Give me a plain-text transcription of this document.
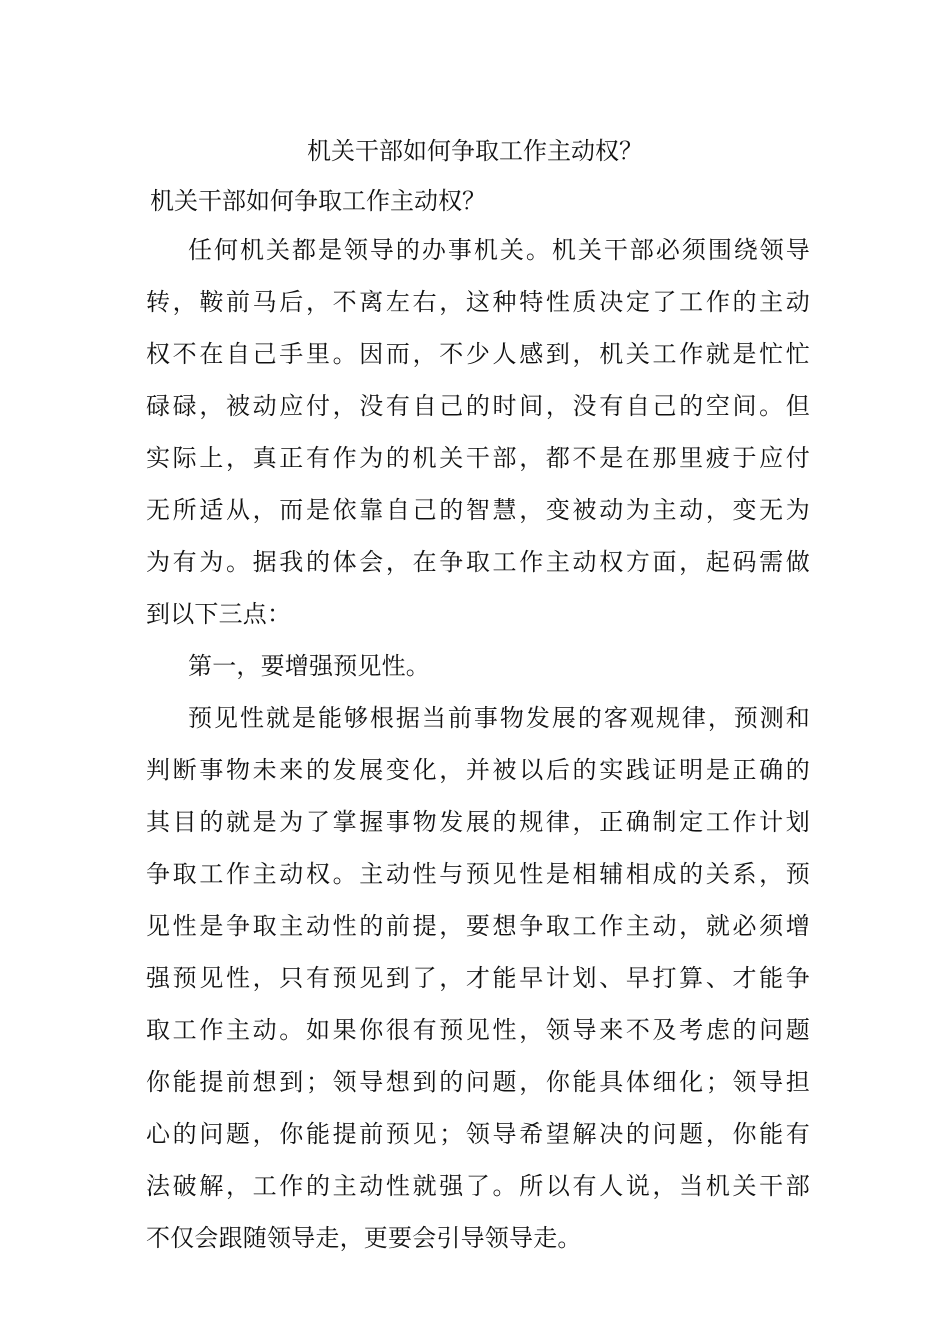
机关干部如何争取工作主动权？
机关干部如何争取工作主动权？
任何机关都是领导的办事机关。机关干部必须围绕领导
转，鞍前马后，不离左右，这种特性质决定了工作的主动
权不在自己手里。因而，不少人感到，机关工作就是忙忙
碌碌，被动应付，没有自己的时间，没有自己的空间。但
实际上，真正有作为的机关干部，都不是在那里疲于应付
无所适从，而是依靠自己的智慧，变被动为主动，变无为
为有为。据我的体会，在争取工作主动权方面，起码需做
到以下三点：
第一，要增强预见性。
预见性就是能够根据当前事物发展的客观规律，预测和
判断事物未来的发展变化，并被以后的实践证明是正确的
其目的就是为了掌握事物发展的规律，正确制定工作计划
争取工作主动权。主动性与预见性是相辅相成的关系，预
见性是争取主动性的前提，要想争取工作主动，就必须增
强预见性，只有预见到了，才能早计划、早打算、才能争
取工作主动。如果你很有预见性，领导来不及考虑的问题
你能提前想到；领导想到的问题，你能具体细化；领导担
心的问题，你能提前预见；领导希望解决的问题，你能有
法破解，工作的主动性就强了。所以有人说，当机关干部
不仅会跟随领导走，更要会引导领导走。
